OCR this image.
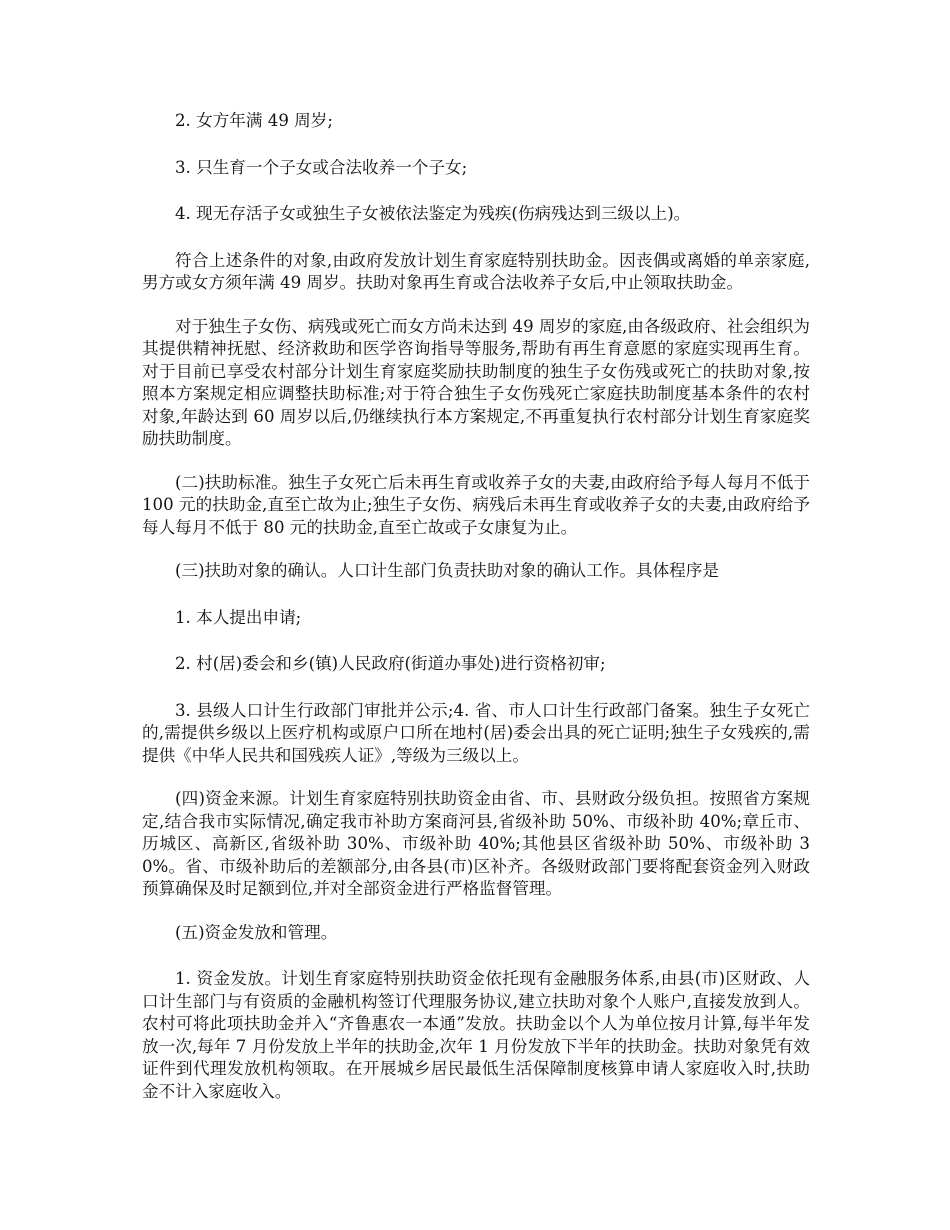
2. 女方年满 49 周岁;

3. 只生育一个子女或合法收养一个子女;

4. 现无存活子女或独生子女被依法鉴定为残疾(伤病残达到三级以上)。

符合上述条件的对象,由政府发放计划生育家庭特别扶助金。因丧偶或离婚的单亲家庭,男方或女方须年满 49 周岁。扶助对象再生育或合法收养子女后,中止领取扶助金。

对于独生子女伤、病残或死亡而女方尚未达到 49 周岁的家庭,由各级政府、社会组织为其提供精神抚慰、经济救助和医学咨询指导等服务,帮助有再生育意愿的家庭实现再生育。对于目前已享受农村部分计划生育家庭奖励扶助制度的独生子女伤残或死亡的扶助对象,按照本方案规定相应调整扶助标准;对于符合独生子女伤残死亡家庭扶助制度基本条件的农村对象,年龄达到 60 周岁以后,仍继续执行本方案规定,不再重复执行农村部分计划生育家庭奖励扶助制度。

(二)扶助标准。独生子女死亡后未再生育或收养子女的夫妻,由政府给予每人每月不低于 100 元的扶助金,直至亡故为止;独生子女伤、病残后未再生育或收养子女的夫妻,由政府给予每人每月不低于 80 元的扶助金,直至亡故或子女康复为止。

(三)扶助对象的确认。人口计生部门负责扶助对象的确认工作。具体程序是

1. 本人提出申请;

2. 村(居)委会和乡(镇)人民政府(街道办事处)进行资格初审;

3. 县级人口计生行政部门审批并公示;4. 省、市人口计生行政部门备案。独生子女死亡的,需提供乡级以上医疗机构或原户口所在地村(居)委会出具的死亡证明;独生子女残疾的,需提供《中华人民共和国残疾人证》,等级为三级以上。

(四)资金来源。计划生育家庭特别扶助资金由省、市、县财政分级负担。按照省方案规定,结合我市实际情况,确定我市补助方案商河县,省级补助 50%、市级补助 40%;章丘市、历城区、高新区,省级补助 30%、市级补助 40%;其他县区省级补助 50%、市级补助 30%。省、市级补助后的差额部分,由各县(市)区补齐。各级财政部门要将配套资金列入财政预算确保及时足额到位,并对全部资金进行严格监督管理。

(五)资金发放和管理。

1. 资金发放。计划生育家庭特别扶助资金依托现有金融服务体系,由县(市)区财政、人口计生部门与有资质的金融机构签订代理服务协议,建立扶助对象个人账户,直接发放到人。农村可将此项扶助金并入“齐鲁惠农一本通”发放。扶助金以个人为单位按月计算,每半年发放一次,每年 7 月份发放上半年的扶助金,次年 1 月份发放下半年的扶助金。扶助对象凭有效证件到代理发放机构领取。在开展城乡居民最低生活保障制度核算申请人家庭收入时,扶助金不计入家庭收入。
